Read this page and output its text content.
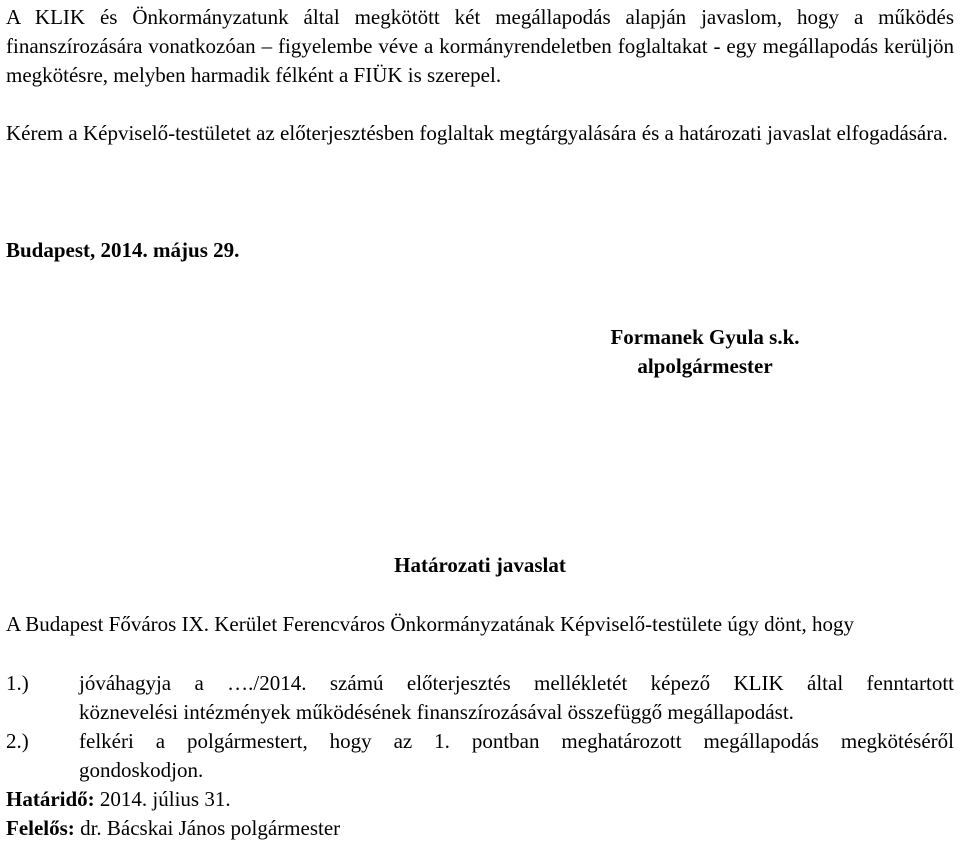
A KLIK és Önkormányzatunk által megkötött két megállapodás alapján javaslom, hogy a működés finanszírozására vonatkozóan – figyelembe véve a kormányrendeletben foglaltakat - egy megállapodás kerüljön megkötésre, melyben harmadik félként a FIÜK is szerepel.

Kérem a Képviselő-testületet az előterjesztésben foglaltak megtárgyalására és a határozati javaslat elfogadására.

Budapest, 2014. május 29.

Formanek Gyula s.k.
alpolgármester
Határozati javaslat

A Budapest Főváros IX. Kerület Ferencváros Önkormányzatának Képviselő-testülete úgy dönt, hogy

1.) jóváhagyja a …./2014. számú előterjesztés mellékletét képező KLIK által fenntartott
köznevelési intézmények működésének finanszírozásával összefüggő megállapodást.
2.) felkéri a polgármestert, hogy az 1. pontban meghatározott megállapodás megkötéséről
gondoskodjon.

Határidő: 2014. július 31.

Felelős: dr. Bácskai János polgármester
